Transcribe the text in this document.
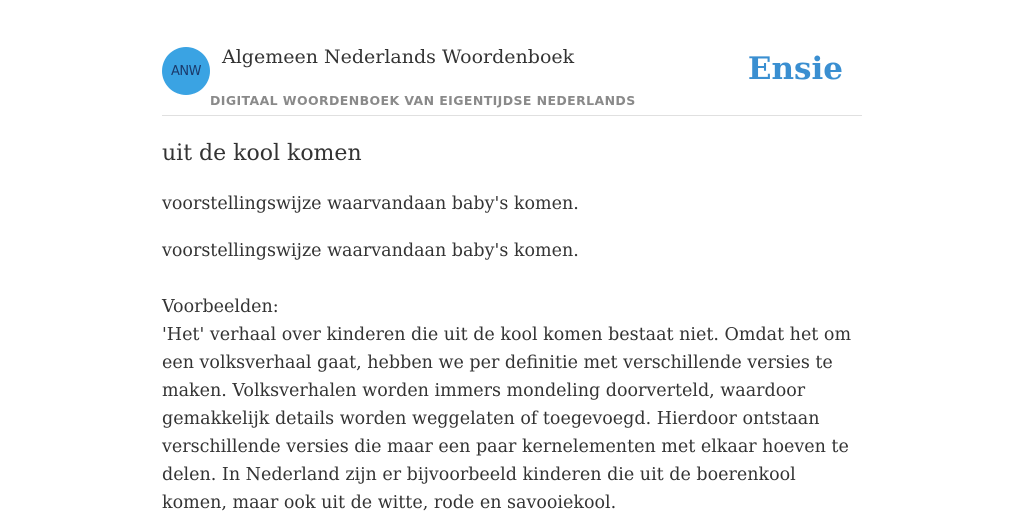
ANW
Algemeen Nederlands Woordenboek
DIGITAAL WOORDENBOEK VAN EIGENTIJDSE NEDERLANDS
Ensie
uit de kool komen

voorstellingswijze waarvandaan baby's komen.

voorstellingswijze waarvandaan baby's komen.

Voorbeelden:

'Het' verhaal over kinderen die uit de kool komen bestaat niet. Omdat het om een volksverhaal gaat, hebben we per definitie met verschillende versies te maken. Volksverhalen worden immers mondeling doorverteld, waardoor gemakkelijk details worden weggelaten of toegevoegd. Hierdoor ontstaan verschillende versies die maar een paar kernelementen met elkaar hoeven te delen. In Nederland zijn er bijvoorbeeld kinderen die uit de boerenkool komen, maar ook uit de witte, rode en savooiekool.
